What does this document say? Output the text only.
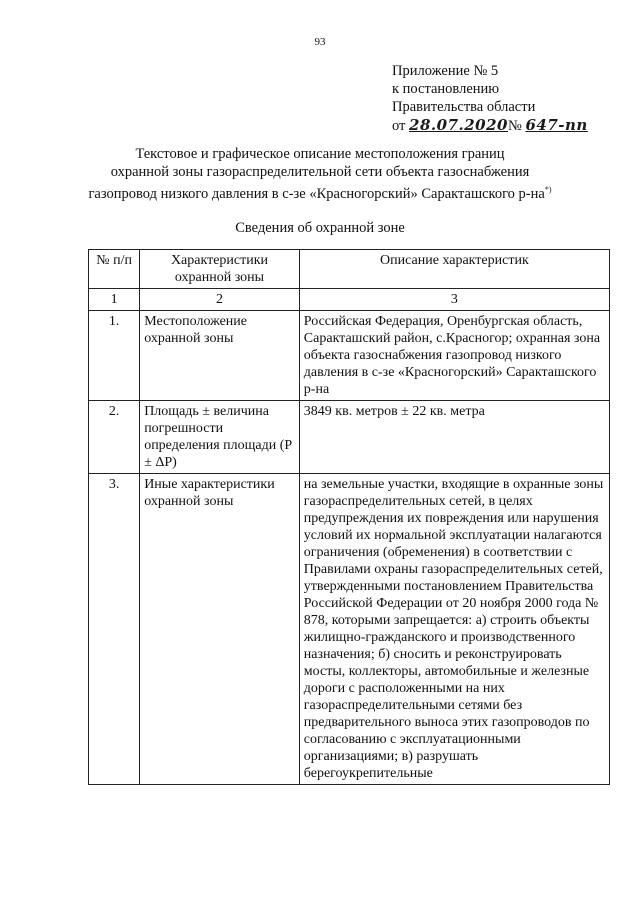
93
Приложение № 5
к постановлению
Правительства области
от 28.07.2020№ 647-пп
Текстовое и графическое описание местоположения границ
охранной зоны газораспределительной сети объекта газоснабжения
газопровод низкого давления в с-зе «Красногорский» Саракташского р-на*)
Сведения об охранной зоне
№ п/п	Характеристики охранной зоны	Описание характеристик
1	2	3
1.	Местоположение охранной зоны	Российская Федерация, Оренбургская область, Саракташский район, с.Красногор; охранная зона объекта газоснабжения газопровод низкого давления в с-зе «Красногорский» Саракташского р-на
2.	Площадь ± величина погрешности определения площади (P ± ΔP)	3849 кв. метров ± 22 кв. метра
3.	Иные характеристики охранной зоны	на земельные участки, входящие в охранные зоны газораспределительных сетей, в целях предупреждения их повреждения или нарушения условий их нормальной эксплуатации налагаются ограничения (обременения) в соответствии с Правилами охраны газораспределительных сетей, утвержденными постановлением Правительства Российской Федерации от 20 ноября 2000 года № 878, которыми запрещается: а) строить объекты жилищно-гражданского и производственного назначения; б) сносить и реконструировать мосты, коллекторы, автомобильные и железные дороги с расположенными на них газораспределительными сетями без предварительного выноса этих газопроводов по согласованию с эксплуатационными организациями; в) разрушать берегоукрепительные
